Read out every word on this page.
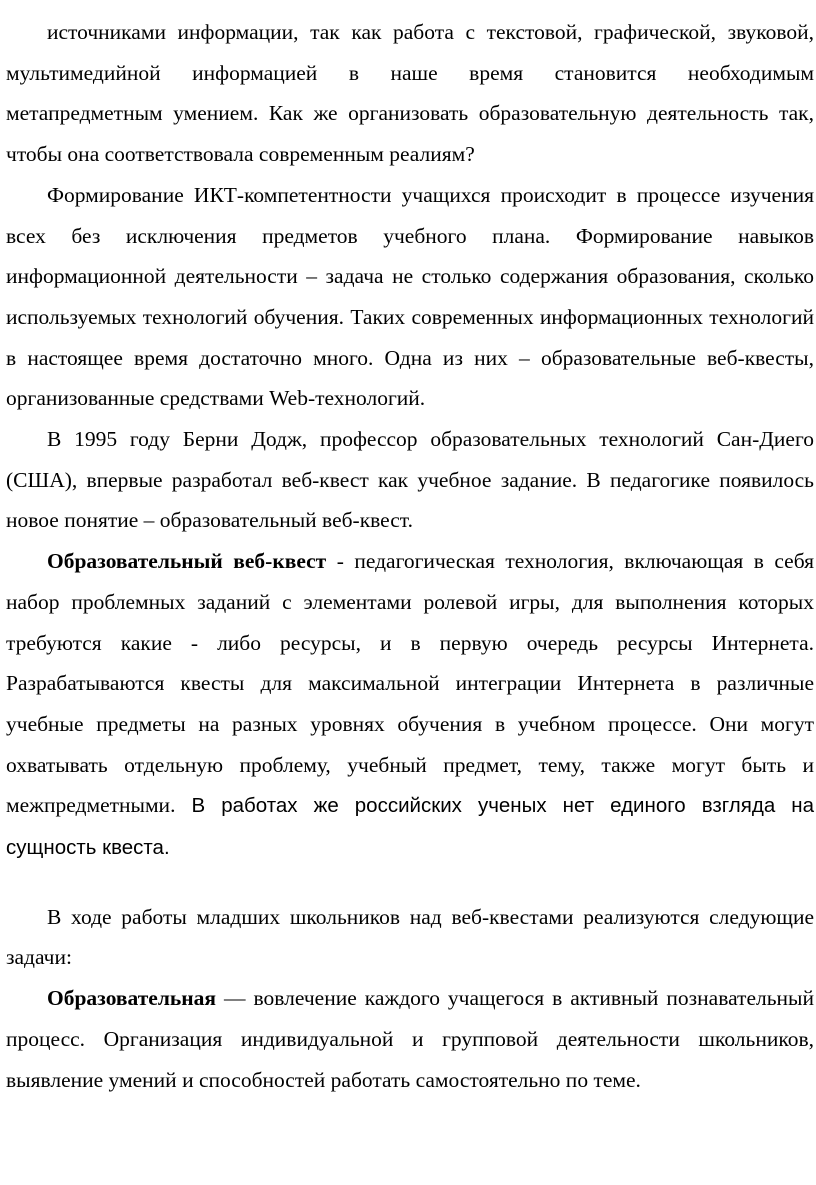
источниками информации, так как работа с текстовой, графической, звуковой, мультимедийной информацией в наше время становится необходимым метапредметным умением. Как же организовать образовательную деятельность так, чтобы она соответствовала современным реалиям?

Формирование ИКТ-компетентности учащихся происходит в процессе изучения всех без исключения предметов учебного плана. Формирование навыков информационной деятельности – задача не столько содержания образования, сколько используемых технологий обучения. Таких современных информационных технологий в настоящее время достаточно много. Одна из них – образовательные веб-квесты, организованные средствами Web-технологий.

В 1995 году Берни Додж, профессор образовательных технологий Сан-Диего (США), впервые разработал веб-квест как учебное задание. В педагогике появилось новое понятие – образовательный веб-квест.

Образовательный веб-квест - педагогическая технология, включающая в себя набор проблемных заданий с элементами ролевой игры, для выполнения которых требуются какие - либо ресурсы, и в первую очередь ресурсы Интернета. Разрабатываются квесты для максимальной интеграции Интернета в различные учебные предметы на разных уровнях обучения в учебном процессе. Они могут охватывать отдельную проблему, учебный предмет, тему, также могут быть и межпредметными. В работах же российских ученых нет единого взгляда на сущность квеста.

В ходе работы младших школьников над веб-квестами реализуются следующие задачи:

Образовательная — вовлечение каждого учащегося в активный познавательный процесс. Организация индивидуальной и групповой деятельности школьников, выявление умений и способностей работать самостоятельно по теме.
